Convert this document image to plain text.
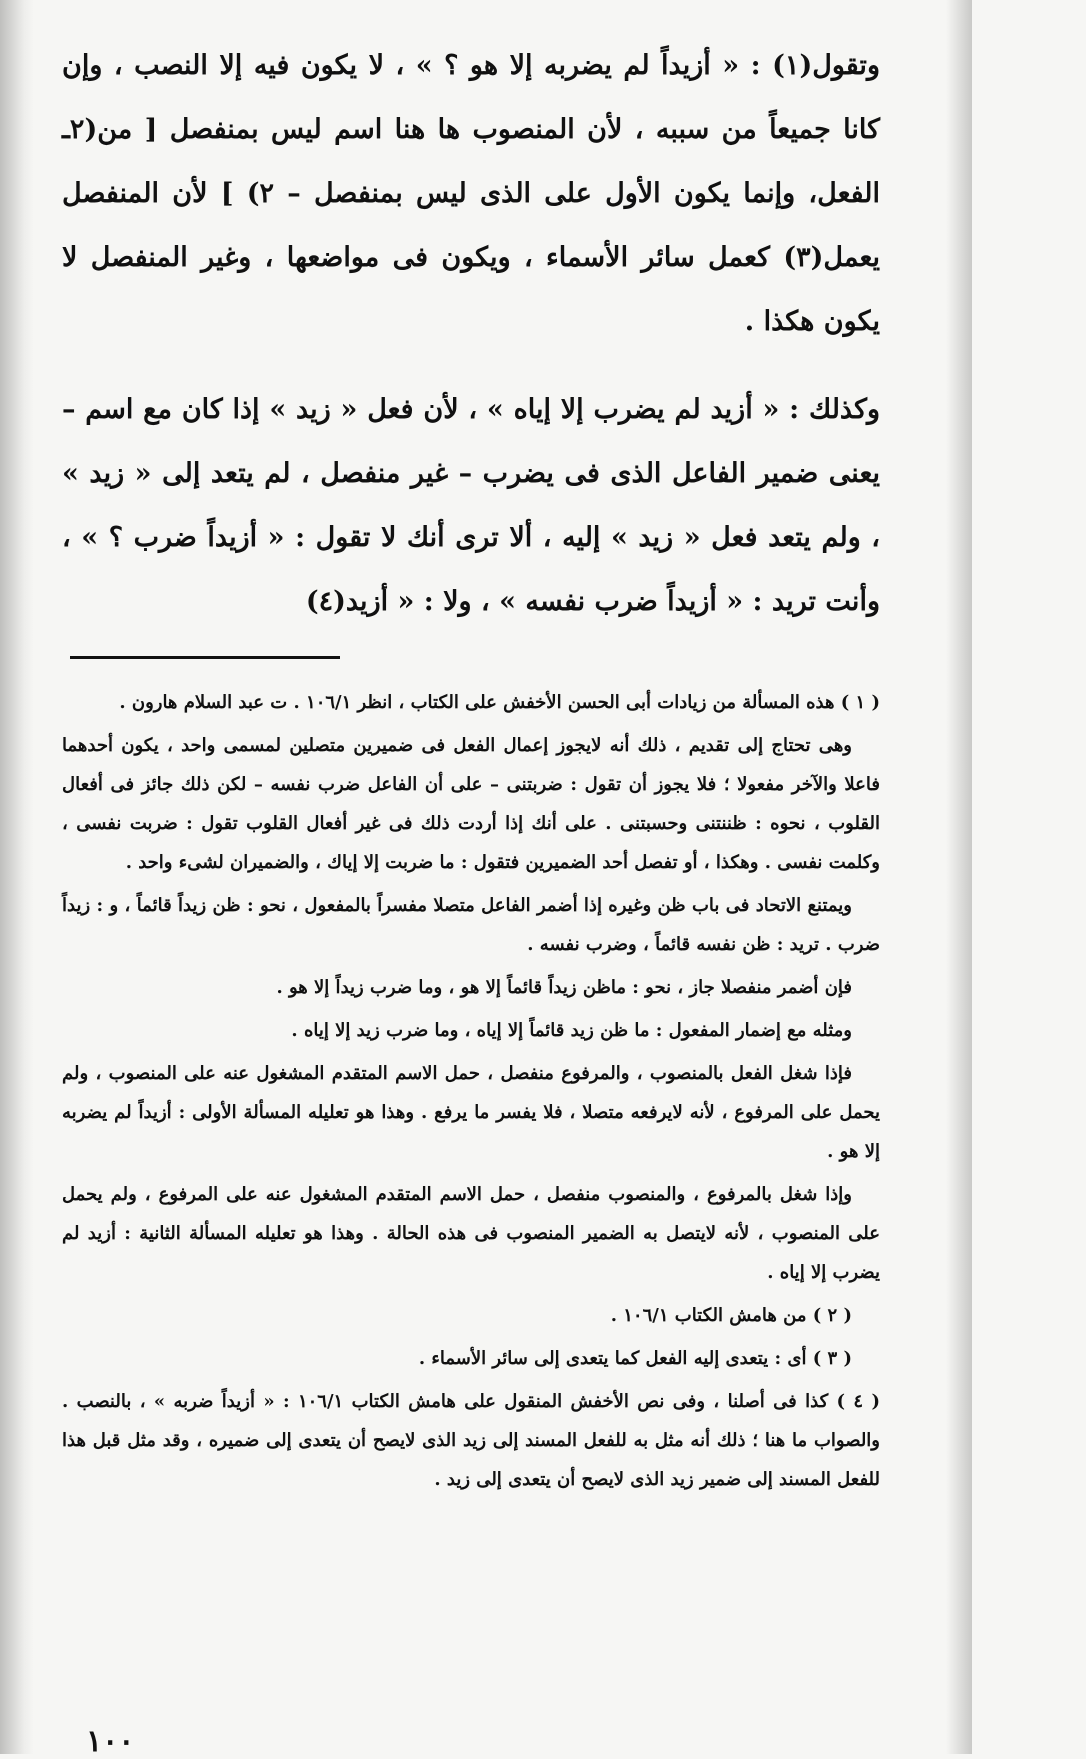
وتقول(١) : « أزيداً لم يضربه إلا هو ؟ » ، لا يكون فيه إلا النصب ، وإن كانا جميعاً من سببه ، لأن المنصوب ها هنا اسم ليس بمنفصل [ من(٢ـ الفعل، وإنما يكون الأول على الذى ليس بمنفصل – ٢) ] لأن المنفصل يعمل(٣) كعمل سائر الأسماء ، ويكون فى مواضعها ، وغير المنفصل لا يكون هكذا .

وكذلك : « أزيد لم يضرب إلا إياه » ، لأن فعل « زيد » إذا كان مع اسم – يعنى ضمير الفاعل الذى فى يضرب – غير منفصل ، لم يتعد إلى « زيد » ، ولم يتعد فعل « زيد » إليه ، ألا ترى أنك لا تقول : « أزيداً ضرب ؟ » ، وأنت تريد : « أزيداً ضرب نفسه » ، ولا : « أزيد(٤)

( ١ ) هذه المسألة من زيادات أبى الحسن الأخفش على الكتاب ، انظر ١٠٦/١ . ت عبد السلام هارون .

وهى تحتاج إلى تقديم ، ذلك أنه لايجوز إعمال الفعل فى ضميرين متصلين لمسمى واحد ، يكون أحدهما فاعلا والآخر مفعولا ؛ فلا يجوز أن تقول : ضربتنى – على أن الفاعل ضرب نفسه – لكن ذلك جائز فى أفعال القلوب ، نحوه : ظننتنى وحسبتنى . على أنك إذا أردت ذلك فى غير أفعال القلوب تقول : ضربت نفسى ، وكلمت نفسى . وهكذا ، أو تفصل أحد الضميرين فتقول : ما ضربت إلا إياك ، والضميران لشىء واحد .

ويمتنع الاتحاد فى باب ظن وغيره إذا أضمر الفاعل متصلا مفسراً بالمفعول ، نحو : ظن زيداً قائماً ، و : زيداً ضرب . تريد : ظن نفسه قائماً ، وضرب نفسه .

فإن أضمر منفصلا جاز ، نحو : ماظن زيداً قائماً إلا هو ، وما ضرب زيداً إلا هو .

ومثله مع إضمار المفعول : ما ظن زيد قائماً إلا إياه ، وما ضرب زيد إلا إياه .

فإذا شغل الفعل بالمنصوب ، والمرفوع منفصل ، حمل الاسم المتقدم المشغول عنه على المنصوب ، ولم يحمل على المرفوع ، لأنه لايرفعه متصلا ، فلا يفسر ما يرفع . وهذا هو تعليله المسألة الأولى : أزيداً لم يضربه إلا هو .

وإذا شغل بالمرفوع ، والمنصوب منفصل ، حمل الاسم المتقدم المشغول عنه على المرفوع ، ولم يحمل على المنصوب ، لأنه لايتصل به الضمير المنصوب فى هذه الحالة . وهذا هو تعليله المسألة الثانية : أزيد لم يضرب إلا إياه .

( ٢ ) من هامش الكتاب ١٠٦/١ .

( ٣ ) أى : يتعدى إليه الفعل كما يتعدى إلى سائر الأسماء .

( ٤ ) كذا فى أصلنا ، وفى نص الأخفش المنقول على هامش الكتاب ١٠٦/١ : « أزيداً ضربه » ، بالنصب . والصواب ما هنا ؛ ذلك أنه مثل به للفعل المسند إلى زيد الذى لايصح أن يتعدى إلى ضميره ، وقد مثل قبل هذا للفعل المسند إلى ضمير زيد الذى لايصح أن يتعدى إلى زيد .

١٠٠
